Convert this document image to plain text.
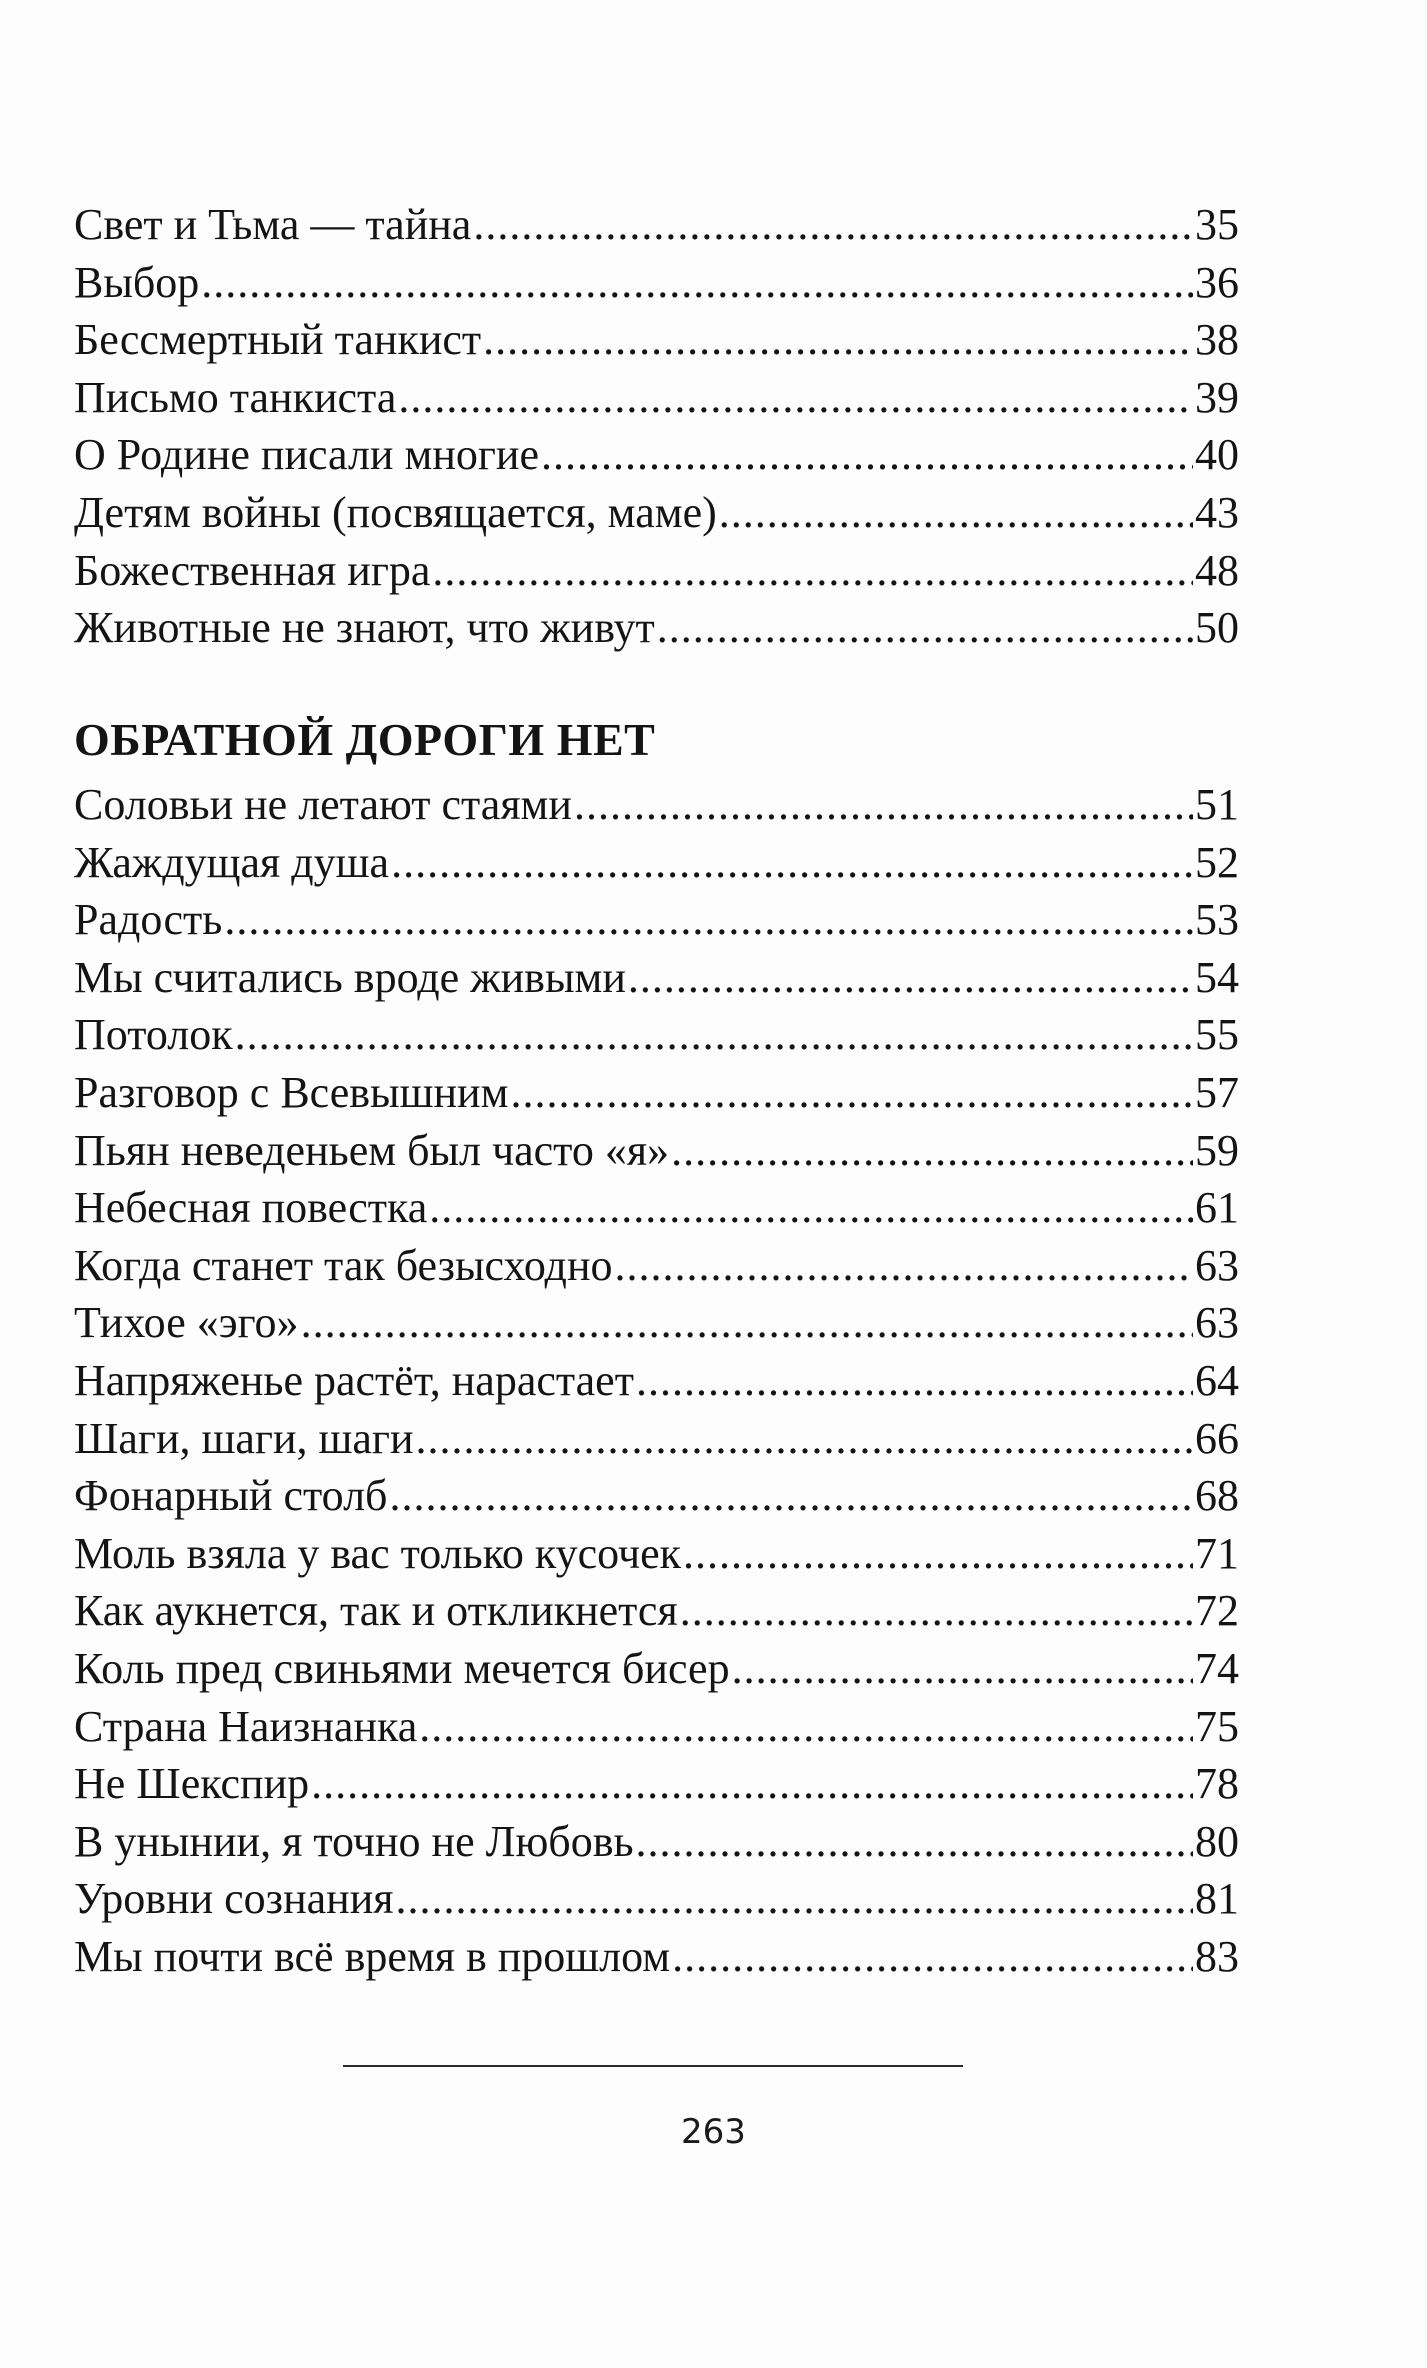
Свет и Тьма — тайна .....	35
Выбор .....	36
Бессмертный танкист .....	38
Письмо танкиста .....	39
О Родине писали многие .....	40
Детям войны (посвящается, маме) .....	43
Божественная игра .....	48
Животные не знают, что живут .....	50
ОБРАТНОЙ ДОРОГИ НЕТ
Соловьи не летают стаями .....	51
Жаждущая душа .....	52
Радость .....	53
Мы считались вроде живыми .....	54
Потолок .....	55
Разговор с Всевышним .....	57
Пьян неведеньем был часто «я» .....	59
Небесная повестка .....	61
Когда станет так безысходно .....	63
Тихое «эго» .....	63
Напряженье растёт, нарастает .....	64
Шаги, шаги, шаги .....	66
Фонарный столб .....	68
Моль взяла у вас только кусочек .....	71
Как аукнется, так и откликнется .....	72
Коль пред свиньями мечется бисер .....	74
Страна Наизнанка .....	75
Не Шекспир .....	78
В унынии, я точно не Любовь .....	80
Уровни сознания .....	81
Мы почти всё время в прошлом .....	83
263
